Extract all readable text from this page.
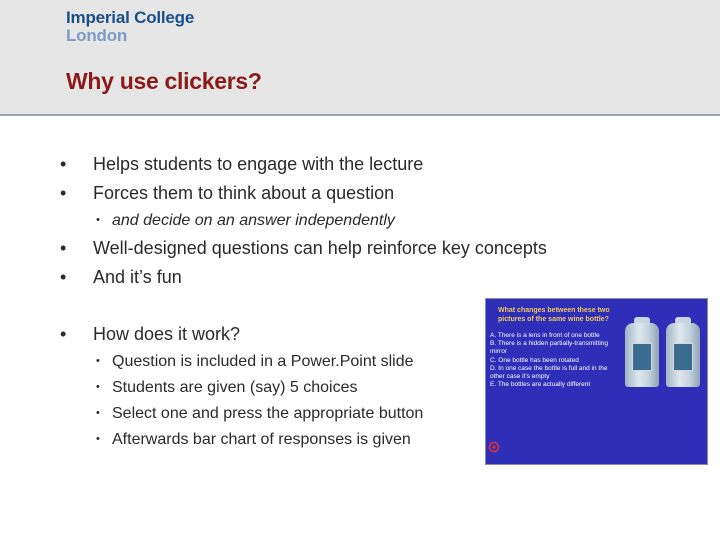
Imperial College
London
Why use clickers?
• Helps students to engage with the lecture
• Forces them to think about a question
• and decide on an answer independently
• Well-designed questions can help reinforce key concepts
• And it’s fun
• How does it work?
• Question is included in a Power.Point slide
• Students are given (say) 5 choices
• Select one and press the appropriate button
• Afterwards bar chart of responses is given
What changes between these two pictures of the same wine bottle?

A. There is a lens in front of one bottle

B. There is a hidden partially-transmitting mirror

C. One bottle has been rotated

D. In one case the bottle is full and in the other case it’s empty

E. The bottles are actually different

1(1)	1(2)
